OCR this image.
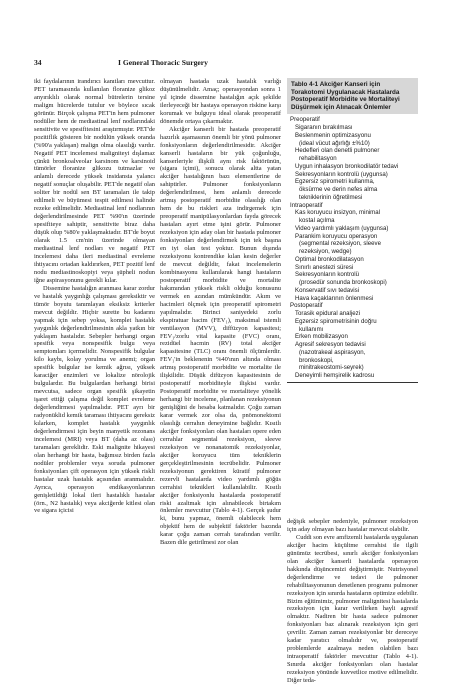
34	I General Thoracic Surgery

iki faydalarının irandırıcı kanıtları mevcuttur. PET taramasında kullanılan floranize glikoz anyırıklılı olarak normal bütrelerin tersine maligm hücrelerde tutulur ve böylece sıcak görünür. Birçok çalışma PET'in hem pulmoner nodüller hem de mediastinal lenf nodlarındaki sensitivite ve spesifitesini araştırmıştır. PET'de pozitiflik gösteren bir nodülün yüksek oranda (%90'a yaklaşan) malign olma olasılığı vardır. Negatif PET incelemesi maligniteyi dışlamaz çünkü bronkoalveolar karsinom ve karsinoid tümörler floranize glikozu tutmazlar ve anlamlı derecede yüksek insidansta yalancı negatif sonuçlar oluşabilir. PET'de negatif olan soliter bir nodül sen BT taramaları ile takip edilmeli ve büyümesi tespit edilmesi halinde rezeke edilmelidir. Mediastinal lenf nodlarının değerlendirilmesinde PET %90'ın üzerinde spesifiteye sahiptir, sensitivite biraz daha düşük olup %80'e yaklaşmaktadır. BT'de boyut olarak 1.5 cm'nin üzerinde olmayan mediastinal lenf nodları ve negatif PET incelemesi daha ileri mediastinal evreleme ihtiyacını ortadan kaldırırken, PET pozitif lenf nodu mediastinoskopiyi veya şüpheli nodun iğne aspirasyonunu gerekli kılar.

Dissemine hastalığın aranması karar zordur ve hastalık yaygınlığı çalışması gereksiktir ve tümör boyutu tanımlayan eksiksiz kriterler mevcut değildir. Hiçbir surette bu kadarını yapmak için sebep yoksa, komplet hastalık yaygınlık değerlendirilmesinin akla yatkın bir yaklaşım hastalıdır. Sebepler herhangi organ spesifik veya nonspesifik bulgu veya semptomları içermelidir. Nonspesifik bulgular kilo kaybı, kolay yorulma ve anemi; organ spesifik bulgular ise kemik ağrısı, yüksek karaciğer enzimleri ve lokalize nörolojik bulgulardır. Bu bulgulardan herhangi birisi mevcutsa, sadece organ spesifik şikayetin işaret ettiği çalışma değil komplet evreleme değerlendirmesi yapılmalıdır. PET ayrı bir radyonüklid kemik taraması ihtiyacını gereksiz kılarken, komplet hastalık yaygınlık değerlendirmesi için beyin manyetik rezonans incelemesi (MRI) veya BT (daha az olası) taramaları gereklidir. Eski malignite hikayesi olan herhangi bir hasta, bağımsız birden fazla nodüler problemler veya soruda pulmoner fonksiyonları çift operasyon için yüksek riskli hastalar uzak hastalık açısından aranmalıdır. Ayrıca, operasyon endikasyonlarının genişletildiği lokal ileri hastalıklı hastalar (örn., N2 hastalık) veya akciğerde kitlesi olan ve sigara içicisi

olmayan hastada uzak hastalık varlığı düşünülmelidir. Amaç; operasyondan sonra 1 yıl içinde dissemine hastalığın açık şekilde ilerleyeceği bir hastaya operasyon riskine karşı korumak ve bulguyu ideal olarak preoperatif dönemde ortaya çıkarmaktır.

Akciğer kanserli bir hastada preoperatif hazırlık aşamasının önemli bir yönü pulmoner fonksiyonların değerlendirilmesidir. Akciğer kanserli hastaların bir yük çoğunluğu, kanserleriyle ilişkili aynı risk faktörünün, (sigara içimi), sonucu olarak altta yatan akciğer hastalığının bazı elementlerine de sahiptirler. Pulmoner fonksiyonların değerlendirilmesi, hem anlamlı derecede artmış postoperatif morbidite olasılığı olan hem de bu riskleri aza indirgemek için preoperatif manipülasyonlardan fayda görecek hastaları ayırt etme işini görür. Pulmoner rezeksiyon için aday olan bir hastada pulmoner fonksiyonları değerlendirmek için tek başına en iyi olan test yoktur. Bunun dışında rezeksiyonu kontrendike kılan kesin değerler de mevcut değildir, fakat incelemelerin kombinasyonu kullanılarak hangi hastaların postoperatif morbidite ve mortalite hakımından yüksek riskli olduğu konusunu vermek en azından mümkündür. Akım ve hacimleri ölçmek için preoperatif spirometri yapılmalıdır. Birinci saniyedeki zorlu ekspiratuar hacim (FEV₁), maksimal istemli ventilasyon (MVV), diffüzyon kapasitesi; FEV₁/zorlu vital kapasite (FVC) oranı, rezidüel hacmin (RV) total akciğer kapasitesine (TLC) oranı önemli ölçümlerdir. FEV₁'in beklenenin %40'ının altında olması artmış postoperatif morbidite ve mortalite ile ilişkilidir. Düşük difüzyon kapasitesinin de postoperatif morbiditeyle ilişkisi vardır. Postoperatif morbidite ve mortaliteye yönelik herhangi bir inceleme, planlanan rezeksiyonun genişliğini de hesaba katmalıdır. Çoğu zaman karar vermek zor olsa da, pnömonektomi olasılığı cerrahın deneyimine bağlıdır. Kısıtlı akciğer fonksiyonları olan hastaları opere eden cerrahlar segmental rezeksiyon, sleeve rezeksiyon ve nonanatomik rezeksiyonlar, akciğer koruyucu tüm tekniklerin gerçekleştirilmesinin tecrübelidir. Pulmoner rezeksiyonun gerektiren küratif pulmoner rezervli hastalarda video yardımlı göğüs cerrahisi teknikleri kullanılabilir. Kısıtlı akciğer fonksiyonlu hastalarda postoperatif riski azaltmak için alınabilecek birtakım önlemler mevcuttur (Tablo 4-1). Gerçek şudur ki, bunu yapmaz, önemli olabilecek hem objektif hem de subjektif faktörler bazında karar çoğu zaman cerrah tarafından verilir. Bazen dile getirilmesi zor olan

Tablo 4-1 Akciğer Kanseri için Torakotomi Uygulanacak Hastalarda Postoperatif Morbidite ve Mortaliteyi Düşürmek için Alınacak Önlemler
Preoperatif
Sigaranın bırakılması
Beslenmenin optimizasyonu
(ideal vücut ağırlığı ±%10)
Hedefleri olan denetli pulmoner
rehabilitasyon
Uygun inhalasyon bronkodilatör tedavi
Sekresyonların kontrolü (uygunsa)
Egzersiz spirometri kullanma,
öksürme ve derin nefes alma
tekniklerinin öğretilmesi
Intraoperatif
Kas koruyucu insizyon, minimal
kostal açılma
Video yardımlı yaklaşım (uygunsa)
Parankim koruyucu operasyon
(segmental rezeksiyon, sleeve
rezeksiyon, wedge)
Optimal bronkodilatasyon
Sınırlı anestezi süresi
Sekresyonların kontrolü
(prosedür sonunda bronkoskopi)
Konservatif sıvı tedavisi
Hava kaçaklarının önlenmesi
Postoperatif
Torasik epidural analjezi
Egzersiz spirometrisinin doğru
kullanımı
Erken mobilizasyon
Agresif sekresyon tedavisi
(nazotrakeal aspirasyon,
bronkoskopi,
minitrakeostomi-seyrek)
Deneyimli hemşirelik kadrosu

değişik sebepler nedeniyle, pulmoner rezeksiyon için aday olmayan bazı hastalar mevcut olabilir.

Cuddi son evre amfizemli hastalarda uygulanan akciğer hacim küçültme cerrahisi ile ilgili günümüz tecrübesi, sınırlı akciğer fonksiyonları olan akciğer kanserli hastalarda operasyon hakkında düşüncemizi değiştirmiştir. Nutrisyonel değerlendirme ve tedavi ile pulmoner rehabilitasyonunun denetlenen programı pulmoner rezeksiyon için sınırda hastaların optimize edebilir. Bizim eğitimimiz, pulmoner malignitesi hastalarda rezeksiyon için karar verilirken hayli agresif olmaktır. Nadiren bir hasta sadece pulmoner fonksiyonları baz alınarak rezeksiyon için geri çevrilir. Zaman zaman rezeksiyonlar bir dereceye kadar yaratıcı olmalıdır ve, postoperatif problemlerde azalmaya neden olabilen bazı intraoperatif faktörler mevcuttur (Tablo 4-1). Sınırda akciğer fonksiyonları olan hastalar rezeksiyon yönünde kuvvetlice motive edilmelidir. Diğer teda-
